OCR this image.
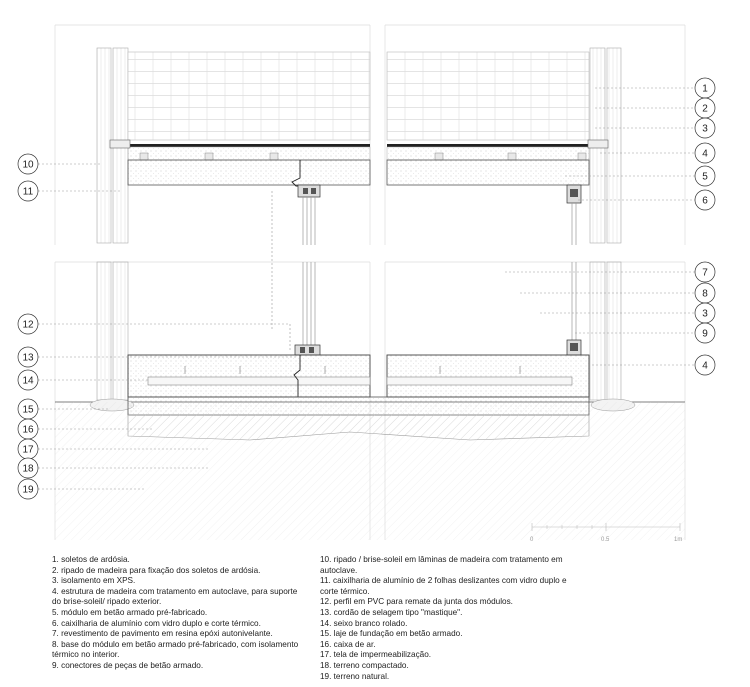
10
11
12
13
14
15
16
17
18
19
1
2
3
4
5
6
7
8
3
9
4
0	0.5	1m
1. soletos de ardósia.
2. ripado de madeira para fixação dos soletos de ardósia.
3. isolamento em XPS.
4. estrutura de madeira com tratamento em autoclave, para suporte do brise-soleil/ ripado exterior.
5. módulo em betão armado pré-fabricado.
6. caixilharia de alumínio com vidro duplo e corte térmico.
7. revestimento de pavimento em resina epóxi autonivelante.
8. base do módulo em betão armado pré-fabricado, com isolamento térmico no interior.
9. conectores de peças de betão armado.
10. ripado / brise-soleil em lâminas de madeira com tratamento em autoclave.
11. caixilharia de alumínio de 2 folhas deslizantes com vidro duplo e corte térmico.
12. perfil em PVC para remate da junta dos módulos.
13. cordão de selagem tipo "mastique".
14. seixo branco rolado.
15. laje de fundação em betão armado.
16. caixa de ar.
17. tela de impermeabilização.
18. terreno compactado.
19. terreno natural.
